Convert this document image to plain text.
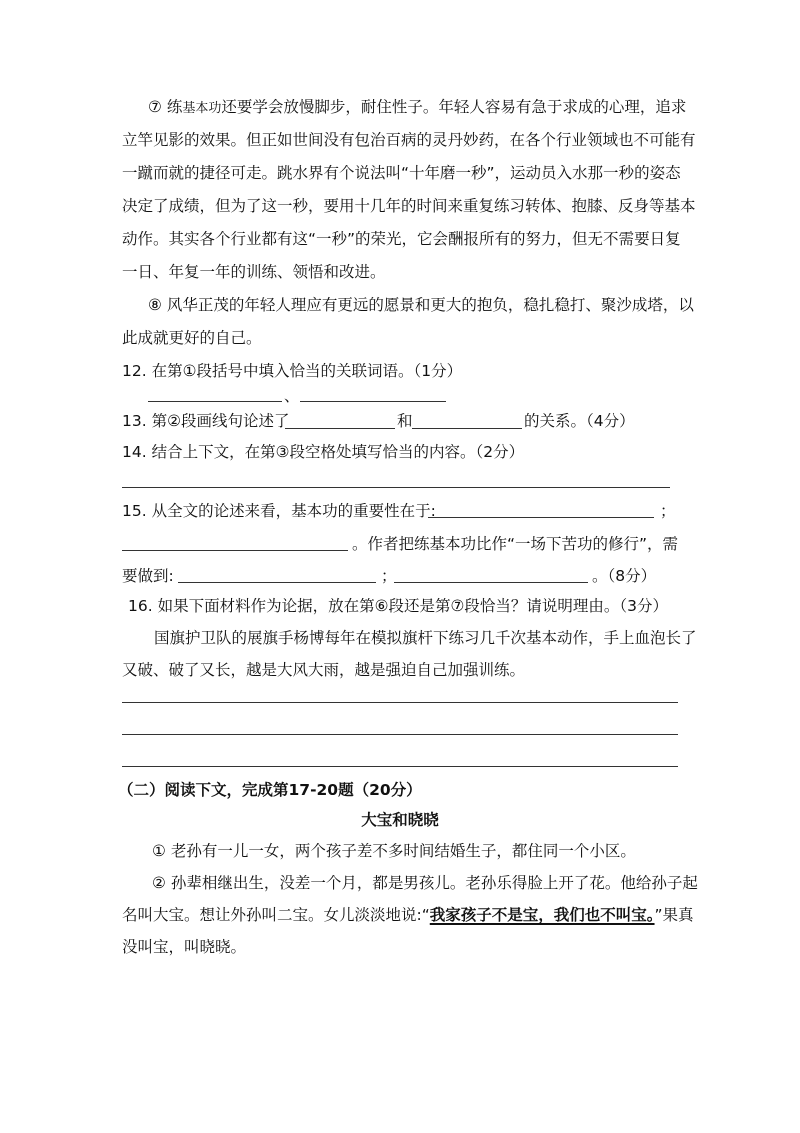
⑦ 练基本功还要学会放慢脚步，耐住性子。年轻人容易有急于求成的心理，追求
立竿见影的效果。但正如世间没有包治百病的灵丹妙药，在各个行业领域也不可能有
一蹴而就的捷径可走。跳水界有个说法叫“十年磨一秒”，运动员入水那一秒的姿态
决定了成绩，但为了这一秒，要用十几年的时间来重复练习转体、抱膝、反身等基本
动作。其实各个行业都有这“一秒”的荣光，它会酬报所有的努力，但无不需要日复
一日、年复一年的训练、领悟和改进。
⑧ 风华正茂的年轻人理应有更远的愿景和更大的抱负，稳扎稳打、聚沙成塔，以
此成就更好的自己。
12. 在第①段括号中填入恰当的关联词语。（1分）
、
13. 第②段画线句论述了	和	的关系。（4分）
14. 结合上下文，在第③段空格处填写恰当的内容。（2分）
15. 从全文的论述来看，基本功的重要性在于:	；
。作者把练基本功比作“一场下苦功的修行”，需
要做到:	；	。（8分）
16. 如果下面材料作为论据，放在第⑥段还是第⑦段恰当？请说明理由。（3分）
国旗护卫队的展旗手杨博每年在模拟旗杆下练习几千次基本动作，手上血泡长了
又破、破了又长，越是大风大雨，越是强迫自己加强训练。
（二）阅读下文，完成第17-20题（20分）
大宝和晓晓
① 老孙有一儿一女，两个孩子差不多时间结婚生子，都住同一个小区。
② 孙辈相继出生，没差一个月，都是男孩儿。老孙乐得脸上开了花。他给孙子起
名叫大宝。想让外孙叫二宝。女儿淡淡地说:“我家孩子不是宝，我们也不叫宝。”果真
没叫宝，叫晓晓。
